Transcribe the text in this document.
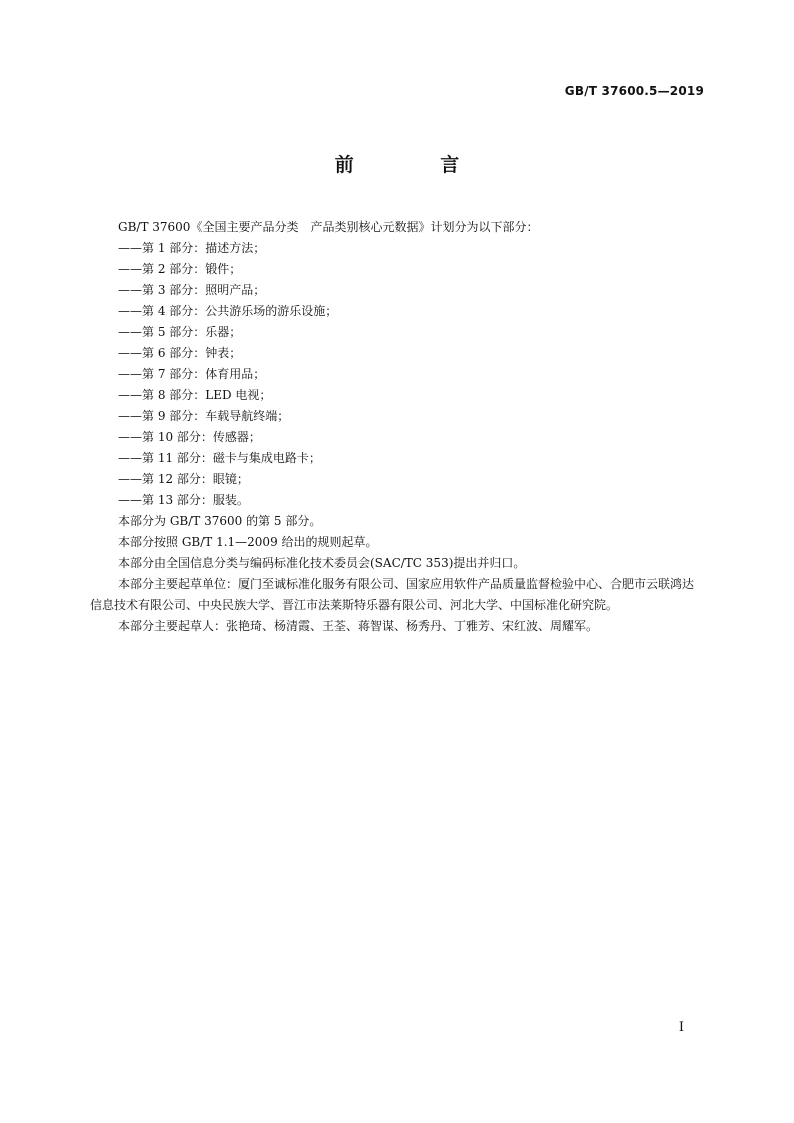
GB/T 37600.5—2019
前 言

GB/T 37600《全国主要产品分类　产品类别核心元数据》计划分为以下部分：

——第 1 部分：描述方法；

——第 2 部分：锻件；

——第 3 部分：照明产品；

——第 4 部分：公共游乐场的游乐设施；

——第 5 部分：乐器；

——第 6 部分：钟表；

——第 7 部分：体育用品；

——第 8 部分：LED 电视；

——第 9 部分：车载导航终端；

——第 10 部分：传感器；

——第 11 部分：磁卡与集成电路卡；

——第 12 部分：眼镜；

——第 13 部分：服装。

本部分为 GB/T 37600 的第 5 部分。

本部分按照 GB/T 1.1—2009 给出的规则起草。

本部分由全国信息分类与编码标准化技术委员会(SAC/TC 353)提出并归口。

本部分主要起草单位：厦门至诚标准化服务有限公司、国家应用软件产品质量监督检验中心、合肥市云联鸿达信息技术有限公司、中央民族大学、晋江市法莱斯特乐器有限公司、河北大学、中国标准化研究院。

本部分主要起草人：张艳琦、杨清霞、王荃、蒋智谋、杨秀丹、丁雅芳、宋红波、周耀军。

I
